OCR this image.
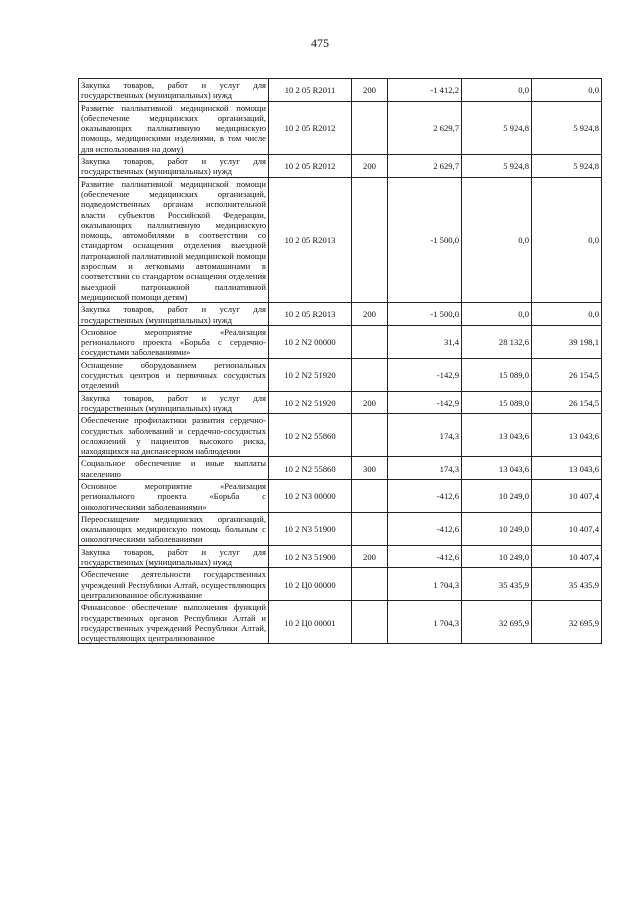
475
Закупка товаров, работ и услуг для государственных (муниципальных) нужд	10 2 05 R2011	200	-1 412,2	0,0	0,0
Развитие паллиативной медицинской помощи (обеспечение медицинских организаций, оказывающих паллиативную медицинскую помощь, медицинскими изделиями, в том числе для использования на дому)	10 2 05 R2012		2 629,7	5 924,8	5 924,8
Закупка товаров, работ и услуг для государственных (муниципальных) нужд	10 2 05 R2012	200	2 629,7	5 924,8	5 924,8
Развитие паллиативной медицинской помощи (обеспечение медицинских организаций, подведомственных органам исполнительной власти субъектов Российской Федерации, оказывающих паллиативную медицинскую помощь, автомобилями в соответствии со стандартом оснащения отделения выездной патронажной паллиативной медицинской помощи взрослым и легковыми автомашинами в соответствии со стандартом оснащения отделения выездной патронажной паллиативной медицинской помощи детям)	10 2 05 R2013		-1 500,0	0,0	0,0
Закупка товаров, работ и услуг для государственных (муниципальных) нужд	10 2 05 R2013	200	-1 500,0	0,0	0,0
Основное мероприятие «Реализация регионального проекта «Борьба с сердечно-сосудистыми заболеваниями»	10 2 N2 00000		31,4	28 132,6	39 198,1
Оснащение оборудованием региональных сосудистых центров и первичных сосудистых отделений	10 2 N2 51920		-142,9	15 089,0	26 154,5
Закупка товаров, работ и услуг для государственных (муниципальных) нужд	10 2 N2 51920	200	-142,9	15 089,0	26 154,5
Обеспечение профилактики развития сердечно-сосудистых заболеваний и сердечно-сосудистых осложнений у пациентов высокого риска, находящихся на диспансерном наблюдении	10 2 N2 55860		174,3	13 043,6	13 043,6
Социальное обеспечение и иные выплаты населению	10 2 N2 55860	300	174,3	13 043,6	13 043,6
Основное мероприятие «Реализация регионального проекта «Борьба с онкологическими заболеваниями»	10 2 N3 00000		-412,6	10 249,0	10 407,4
Переоснащение медицинских организаций, оказывающих медицинскую помощь больным с онкологическими заболеваниями	10 2 N3 51900		-412,6	10 249,0	10 407,4
Закупка товаров, работ и услуг для государственных (муниципальных) нужд	10 2 N3 51900	200	-412,6	10 249,0	10 407,4
Обеспечение деятельности государственных учреждений Республики Алтай, осуществляющих централизованное обслуживание	10 2 Ц0 00000		1 704,3	35 435,9	35 435,9
Финансовое обеспечение выполнения функций государственных органов Республики Алтай и государственных учреждений Республики Алтай, осуществляющих централизованное	10 2 Ц0 00001		1 704,3	32 695,9	32 695,9
